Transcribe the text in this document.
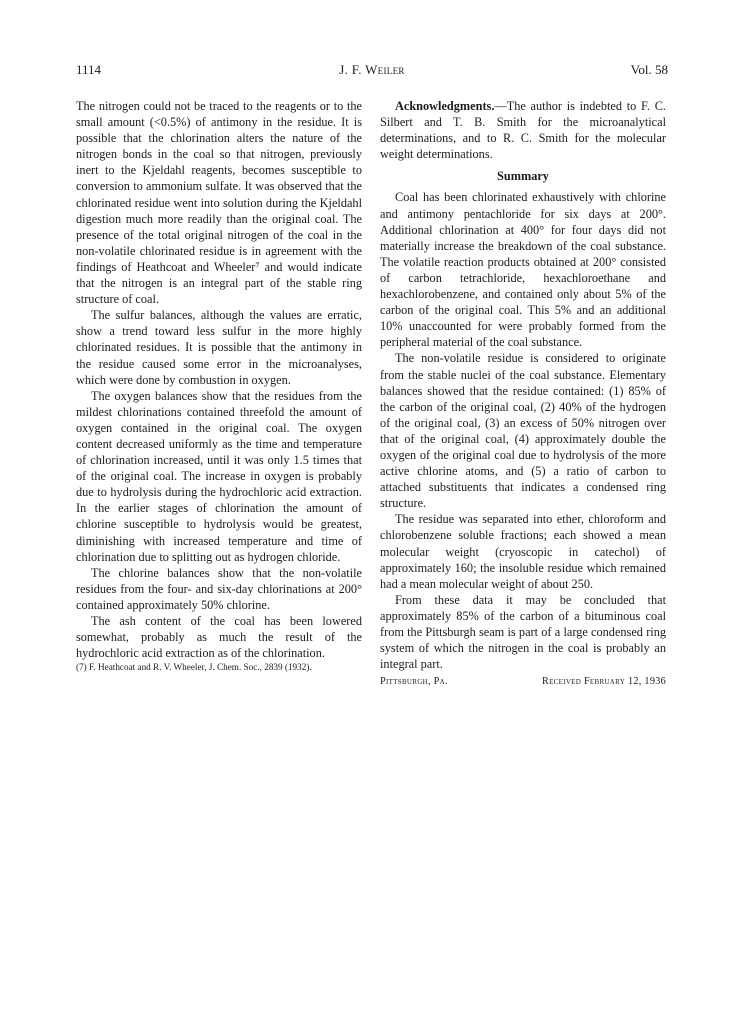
1114	J. F. Weiler	Vol. 58

The nitrogen could not be traced to the reagents or to the small amount (<0.5%) of antimony in the residue. It is possible that the chlorination alters the nature of the nitrogen bonds in the coal so that nitrogen, previously inert to the Kjeldahl reagents, becomes susceptible to conversion to ammonium sulfate. It was observed that the chlorinated residue went into solution during the Kjeldahl digestion much more readily than the original coal. The presence of the total original nitrogen of the coal in the non-volatile chlorinated residue is in agreement with the findings of Heathcoat and Wheeler⁷ and would indicate that the nitrogen is an integral part of the stable ring structure of coal.

The sulfur balances, although the values are erratic, show a trend toward less sulfur in the more highly chlorinated residues. It is possible that the antimony in the residue caused some error in the microanalyses, which were done by combustion in oxygen.

The oxygen balances show that the residues from the mildest chlorinations contained threefold the amount of oxygen contained in the original coal. The oxygen content decreased uniformly as the time and temperature of chlorination increased, until it was only 1.5 times that of the original coal. The increase in oxygen is probably due to hydrolysis during the hydrochloric acid extraction. In the earlier stages of chlorination the amount of chlorine susceptible to hydrolysis would be greatest, diminishing with increased temperature and time of chlorination due to splitting out as hydrogen chloride.

The chlorine balances show that the non-volatile residues from the four- and six-day chlorinations at 200° contained approximately 50% chlorine.

The ash content of the coal has been lowered somewhat, probably as much the result of the hydrochloric acid extraction as of the chlorination.

(7) F. Heathcoat and R. V. Wheeler, J. Chem. Soc., 2839 (1932).

Acknowledgments.—The author is indebted to F. C. Silbert and T. B. Smith for the microanalytical determinations, and to R. C. Smith for the molecular weight determinations.

Summary

Coal has been chlorinated exhaustively with chlorine and antimony pentachloride for six days at 200°. Additional chlorination at 400° for four days did not materially increase the breakdown of the coal substance. The volatile reaction products obtained at 200° consisted of carbon tetrachloride, hexachloroethane and hexachlorobenzene, and contained only about 5% of the carbon of the original coal. This 5% and an additional 10% unaccounted for were probably formed from the peripheral material of the coal substance.

The non-volatile residue is considered to originate from the stable nuclei of the coal substance. Elementary balances showed that the residue contained: (1) 85% of the carbon of the original coal, (2) 40% of the hydrogen of the original coal, (3) an excess of 50% nitrogen over that of the original coal, (4) approximately double the oxygen of the original coal due to hydrolysis of the more active chlorine atoms, and (5) a ratio of carbon to attached substituents that indicates a condensed ring structure.

The residue was separated into ether, chloroform and chlorobenzene soluble fractions; each showed a mean molecular weight (cryoscopic in catechol) of approximately 160; the insoluble residue which remained had a mean molecular weight of about 250.

From these data it may be concluded that approximately 85% of the carbon of a bituminous coal from the Pittsburgh seam is part of a large condensed ring system of which the nitrogen in the coal is probably an integral part.

Pittsburgh, Pa.	Received February 12, 1936
